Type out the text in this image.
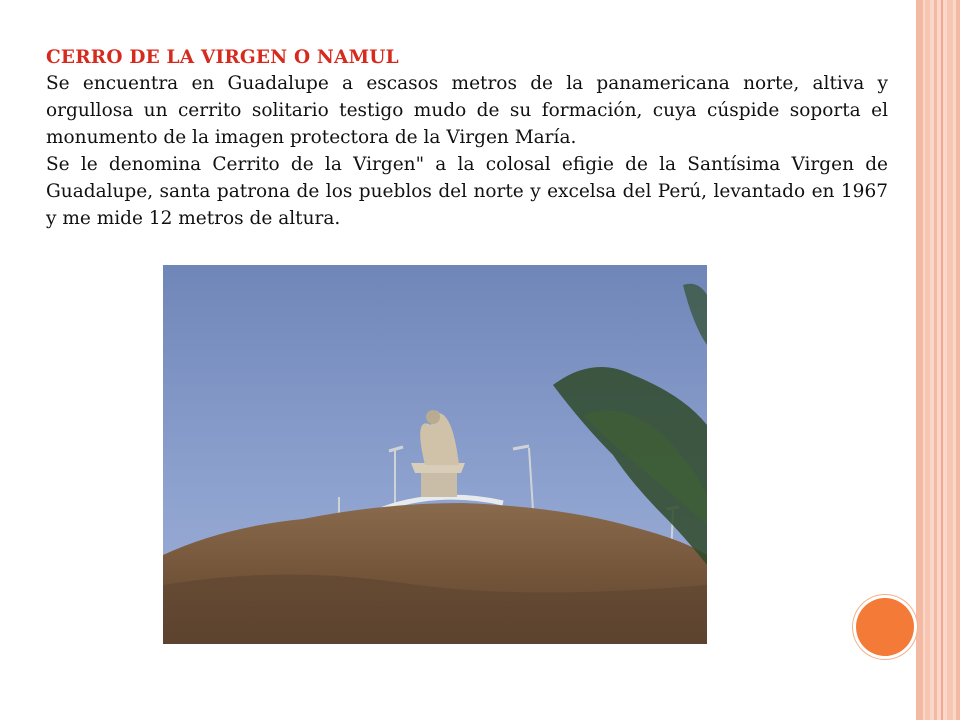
CERRO DE LA VIRGEN O NAMUL

Se encuentra en Guadalupe a escasos metros de la panamericana norte, altiva y orgullosa un cerrito solitario testigo mudo de su formación, cuya cúspide soporta el monumento de la imagen protectora de la Virgen María.

Se le denomina Cerrito de la Virgen" a la colosal efigie de la Santísima Virgen de Guadalupe, santa patrona de los pueblos del norte y excelsa del Perú, levantado en 1967 y me mide 12 metros de altura.
